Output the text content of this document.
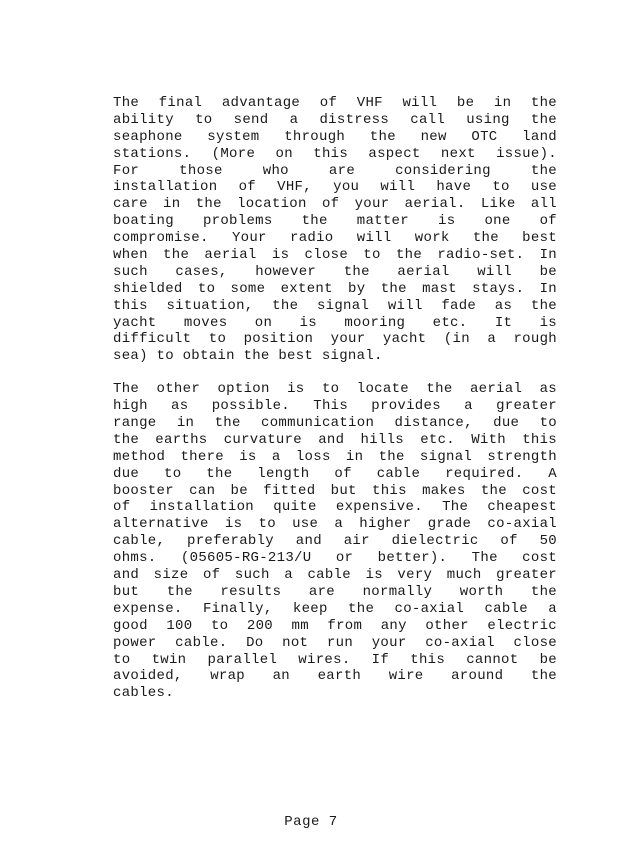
The final advantage of VHF will be in the
ability to send a distress call using the
seaphone system through the new OTC land
stations. (More on this aspect next issue).
For those who are considering the
installation of VHF, you will have to use
care in the location of your aerial. Like all
boating problems the matter is one of
compromise. Your radio will work the best
when the aerial is close to the radio-set. In
such cases, however the aerial will be
shielded to some extent by the mast stays. In
this situation, the signal will fade as the
yacht moves on is mooring etc. It is
difficult to position your yacht (in a rough
sea) to obtain the best signal.
The other option is to locate the aerial as
high as possible. This provides a greater
range in the communication distance, due to
the earths curvature and hills etc. With this
method there is a loss in the signal strength
due to the length of cable required. A
booster can be fitted but this makes the cost
of installation quite expensive. The cheapest
alternative is to use a higher grade co-axial
cable, preferably and air dielectric of 50
ohms. (05605-RG-213/U or better). The cost
and size of such a cable is very much greater
but the results are normally worth the
expense. Finally, keep the co-axial cable a
good 100 to 200 mm from any other electric
power cable. Do not run your co-axial close
to twin parallel wires. If this cannot be
avoided, wrap an earth wire around the
cables.
Page 7
